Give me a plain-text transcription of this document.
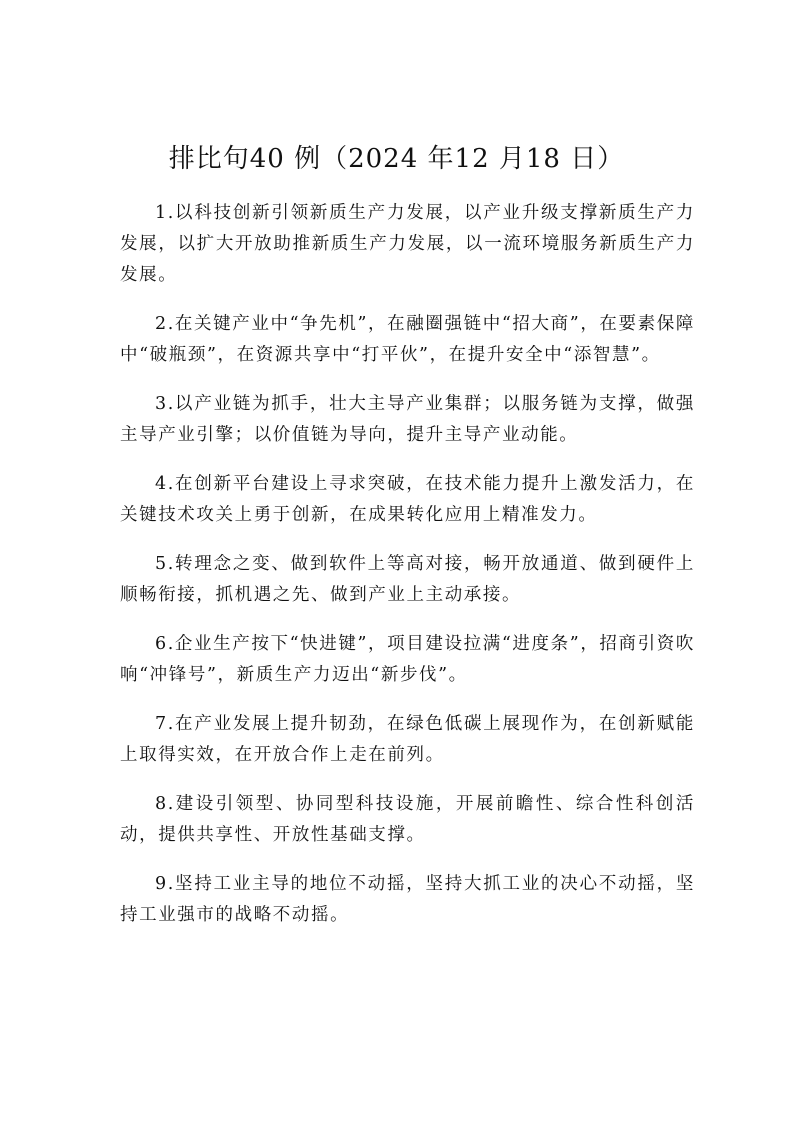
排比句40 例（2024 年12 月18 日）

1.以科技创新引领新质生产力发展，以产业升级支撑新质生产力发展，以扩大开放助推新质生产力发展，以一流环境服务新质生产力发展。

2.在关键产业中“争先机”，在融圈强链中“招大商”，在要素保障中“破瓶颈”，在资源共享中“打平伙”，在提升安全中“添智慧”。

3.以产业链为抓手，壮大主导产业集群；以服务链为支撑，做强主导产业引擎；以价值链为导向，提升主导产业动能。

4.在创新平台建设上寻求突破，在技术能力提升上激发活力，在关键技术攻关上勇于创新，在成果转化应用上精准发力。

5.转理念之变、做到软件上等高对接，畅开放通道、做到硬件上顺畅衔接，抓机遇之先、做到产业上主动承接。

6.企业生产按下“快进键”，项目建设拉满“进度条”，招商引资吹响“冲锋号”，新质生产力迈出“新步伐”。

7.在产业发展上提升韧劲，在绿色低碳上展现作为，在创新赋能上取得实效，在开放合作上走在前列。

8.建设引领型、协同型科技设施，开展前瞻性、综合性科创活动，提供共享性、开放性基础支撑。

9.坚持工业主导的地位不动摇，坚持大抓工业的决心不动摇，坚持工业强市的战略不动摇。
